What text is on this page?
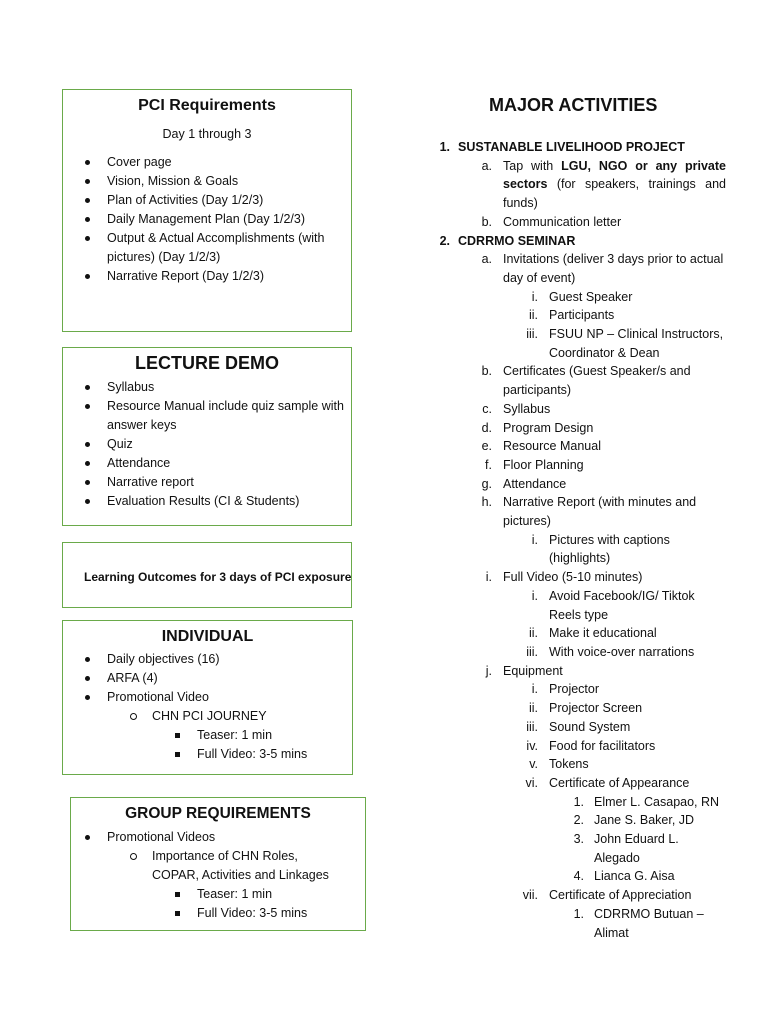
PCI Requirements
Day 1 through 3
Cover page
Vision, Mission & Goals
Plan of Activities (Day 1/2/3)
Daily Management Plan (Day 1/2/3)
Output & Actual Accomplishments (with pictures) (Day 1/2/3)
Narrative Report (Day 1/2/3)
LECTURE DEMO
Syllabus
Resource Manual include quiz sample with answer keys
Quiz
Attendance
Narrative report
Evaluation Results (CI & Students)
Learning Outcomes for 3 days of PCI exposure
INDIVIDUAL
Daily objectives (16)
ARFA (4)
Promotional Video
CHN PCI JOURNEY
Teaser: 1 min
Full Video: 3-5 mins
GROUP REQUIREMENTS
Promotional Videos
Importance of CHN Roles, COPAR, Activities and Linkages
Teaser: 1 min
Full Video: 3-5 mins
MAJOR ACTIVITIES
1. SUSTANABLE LIVELIHOOD PROJECT
a. Tap with LGU, NGO or any private sectors (for speakers, trainings and funds)
b. Communication letter
2. CDRRMO SEMINAR
a. Invitations (deliver 3 days prior to actual day of event)
i. Guest Speaker
ii. Participants
iii. FSUU NP – Clinical Instructors, Coordinator & Dean
b. Certificates (Guest Speaker/s and participants)
c. Syllabus
d. Program Design
e. Resource Manual
f. Floor Planning
g. Attendance
h. Narrative Report (with minutes and pictures)
i. Pictures with captions (highlights)
i. Full Video (5-10 minutes)
i. Avoid Facebook/IG/ Tiktok Reels type
ii. Make it educational
iii. With voice-over narrations
j. Equipment
i. Projector
ii. Projector Screen
iii. Sound System
iv. Food for facilitators
v. Tokens
vi. Certificate of Appearance
1. Elmer L. Casapao, RN
2. Jane S. Baker, JD
3. John Eduard L. Alegado
4. Lianca G. Aisa
vii. Certificate of Appreciation
1. CDRRMO Butuan – Alimat
